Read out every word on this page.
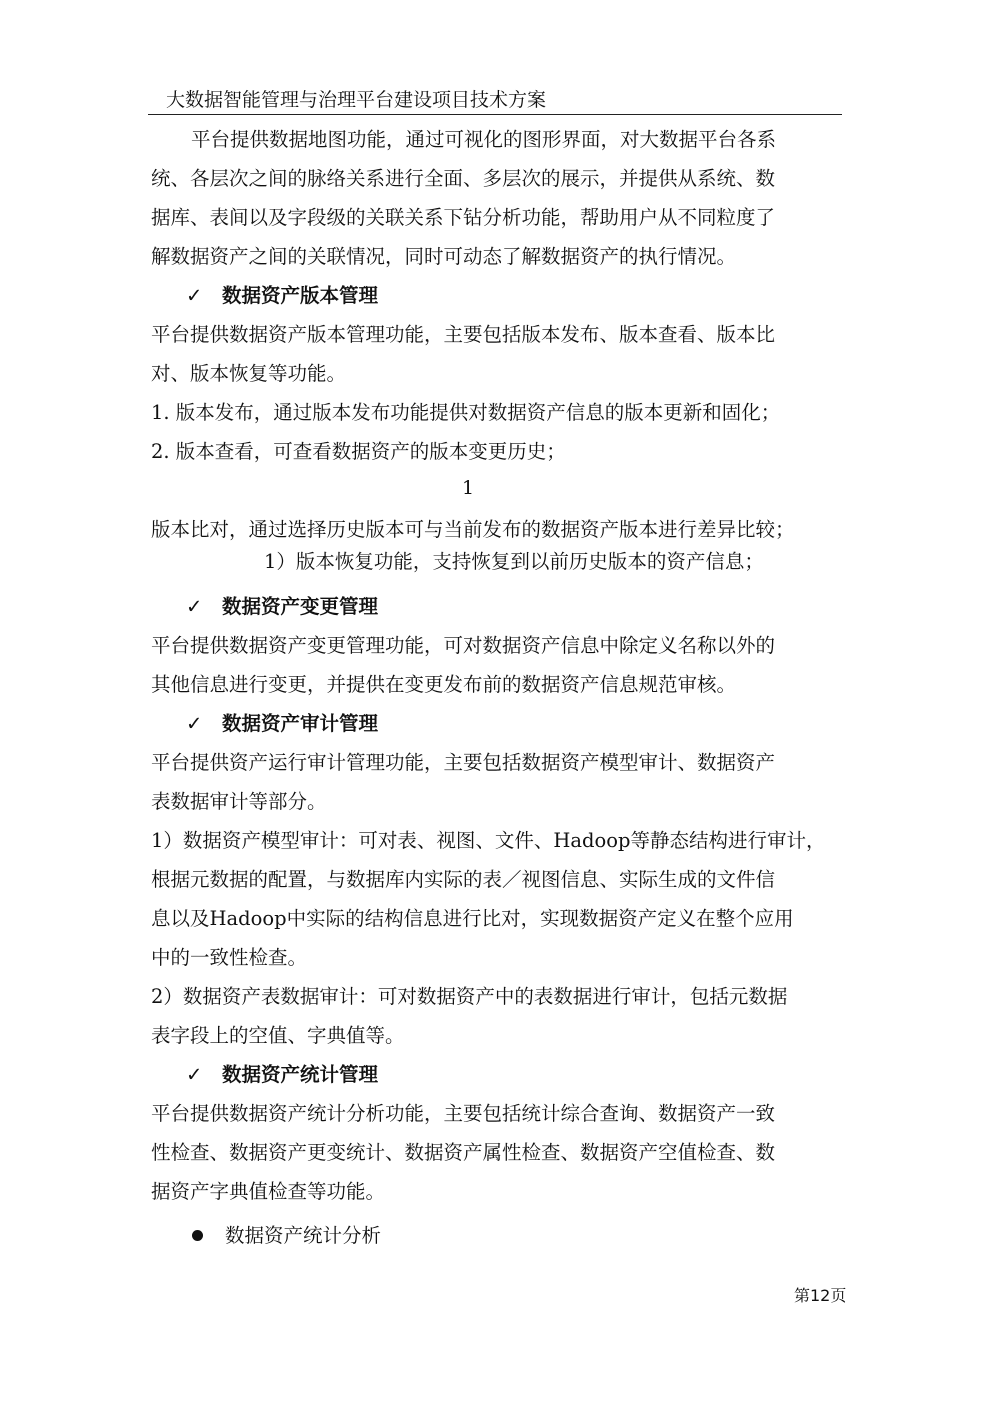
大数据智能管理与治理平台建设项目技术方案
平台提供数据地图功能，通过可视化的图形界面，对大数据平台各系
统、各层次之间的脉络关系进行全面、多层次的展示，并提供从系统、数
据库、表间以及字段级的关联关系下钻分析功能，帮助用户从不同粒度了
解数据资产之间的关联情况，同时可动态了解数据资产的执行情况。
✓ 数据资产版本管理
平台提供数据资产版本管理功能，主要包括版本发布、版本查看、版本比
对、版本恢复等功能。
1. 版本发布，通过版本发布功能提供对数据资产信息的版本更新和固化；
2. 版本查看，可查看数据资产的版本变更历史；
1
版本比对，通过选择历史版本可与当前发布的数据资产版本进行差异比较；
1）版本恢复功能，支持恢复到以前历史版本的资产信息；
✓ 数据资产变更管理
平台提供数据资产变更管理功能，可对数据资产信息中除定义名称以外的
其他信息进行变更，并提供在变更发布前的数据资产信息规范审核。
✓ 数据资产审计管理
平台提供资产运行审计管理功能，主要包括数据资产模型审计、数据资产
表数据审计等部分。
1）数据资产模型审计：可对表、视图、文件、Hadoop等静态结构进行审计，
根据元数据的配置，与数据库内实际的表／视图信息、实际生成的文件信
息以及Hadoop中实际的结构信息进行比对，实现数据资产定义在整个应用
中的一致性检查。
2）数据资产表数据审计：可对数据资产中的表数据进行审计，包括元数据
表字段上的空值、字典值等。
✓ 数据资产统计管理
平台提供数据资产统计分析功能，主要包括统计综合查询、数据资产一致
性检查、数据资产更变统计、数据资产属性检查、数据资产空值检查、数
据资产字典值检查等功能。
数据资产统计分析
第12页
